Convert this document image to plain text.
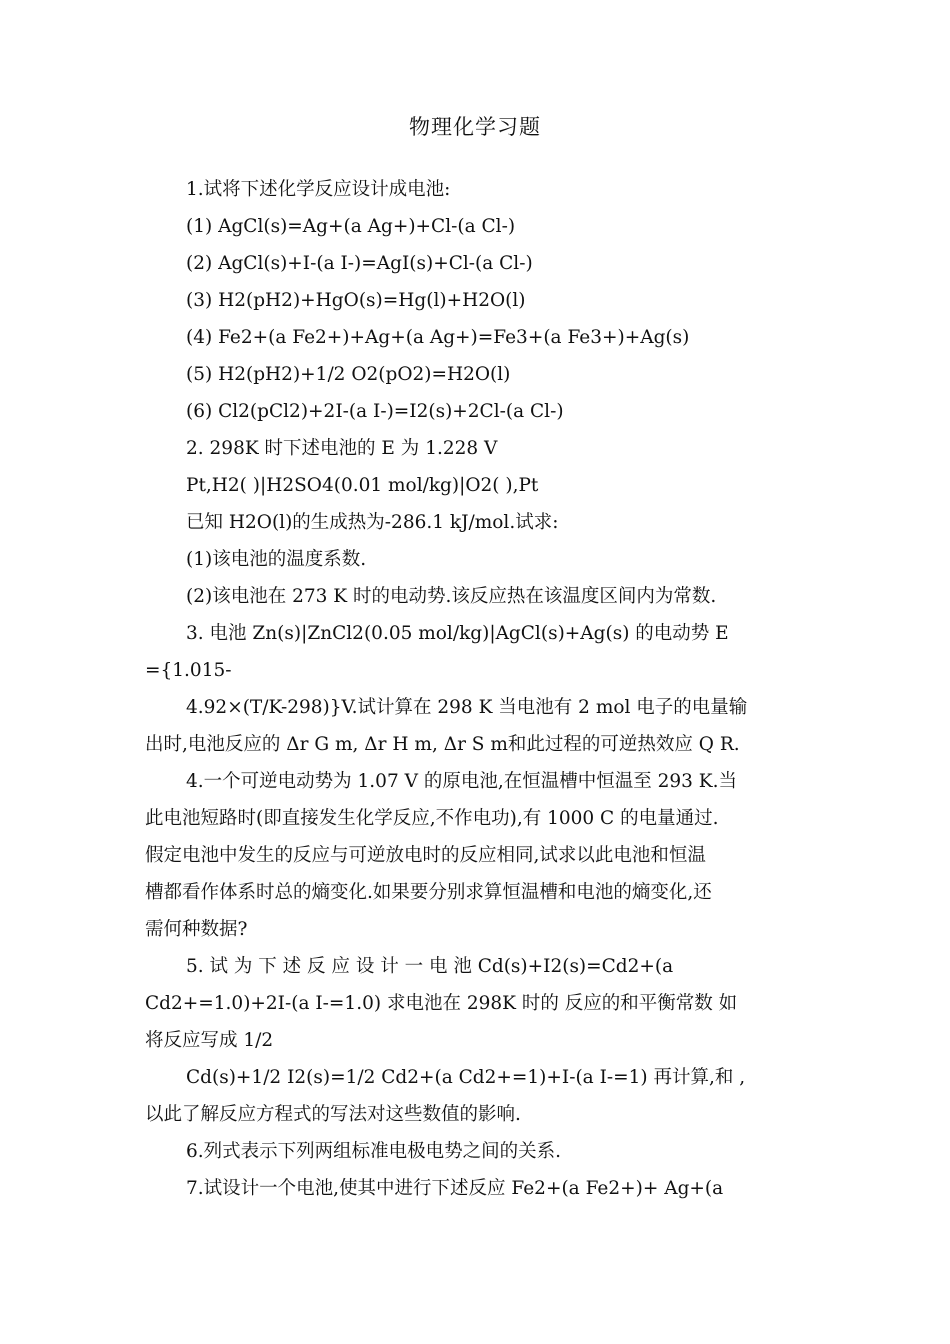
物理化学习题
1.试将下述化学反应设计成电池:
(1) AgCl(s)=Ag+(a Ag+)+Cl-(a Cl-)
(2) AgCl(s)+I-(a I-)=AgI(s)+Cl-(a Cl-)
(3) H2(pH2)+HgO(s)=Hg(l)+H2O(l)
(4) Fe2+(a Fe2+)+Ag+(a Ag+)=Fe3+(a Fe3+)+Ag(s)
(5) H2(pH2)+1/2 O2(pO2)=H2O(l)
(6) Cl2(pCl2)+2I-(a I-)=I2(s)+2Cl-(a Cl-)
2. 298K 时下述电池的 E 为 1.228 V
Pt,H2( )|H2SO4(0.01 mol/kg)|O2( ),Pt
已知 H2O(l)的生成热为-286.1 kJ/mol.试求:
(1)该电池的温度系数.
(2)该电池在 273 K 时的电动势.该反应热在该温度区间内为常数.
3. 电池 Zn(s)|ZnCl2(0.05 mol/kg)|AgCl(s)+Ag(s) 的电动势 E
={1.015-
4.92×(T/K-298)}V.试计算在 298 K 当电池有 2 mol 电子的电量输
出时,电池反应的 Δr G m, Δr H m, Δr S m和此过程的可逆热效应 Q R.
4.一个可逆电动势为 1.07 V 的原电池,在恒温槽中恒温至 293 K.当
此电池短路时(即直接发生化学反应,不作电功),有 1000 C 的电量通过.
假定电池中发生的反应与可逆放电时的反应相同,试求以此电池和恒温
槽都看作体系时总的熵变化.如果要分别求算恒温槽和电池的熵变化,还
需何种数据?
5. 试 为 下 述 反 应 设 计 一 电 池 Cd(s)+I2(s)=Cd2+(a
Cd2+=1.0)+2I-(a I-=1.0) 求电池在 298K 时的 反应的和平衡常数 如
将反应写成 1/2
Cd(s)+1/2 I2(s)=1/2 Cd2+(a Cd2+=1)+I-(a I-=1) 再计算,和 ,
以此了解反应方程式的写法对这些数值的影响.
6.列式表示下列两组标准电极电势之间的关系.
7.试设计一个电池,使其中进行下述反应 Fe2+(a Fe2+)+ Ag+(a
